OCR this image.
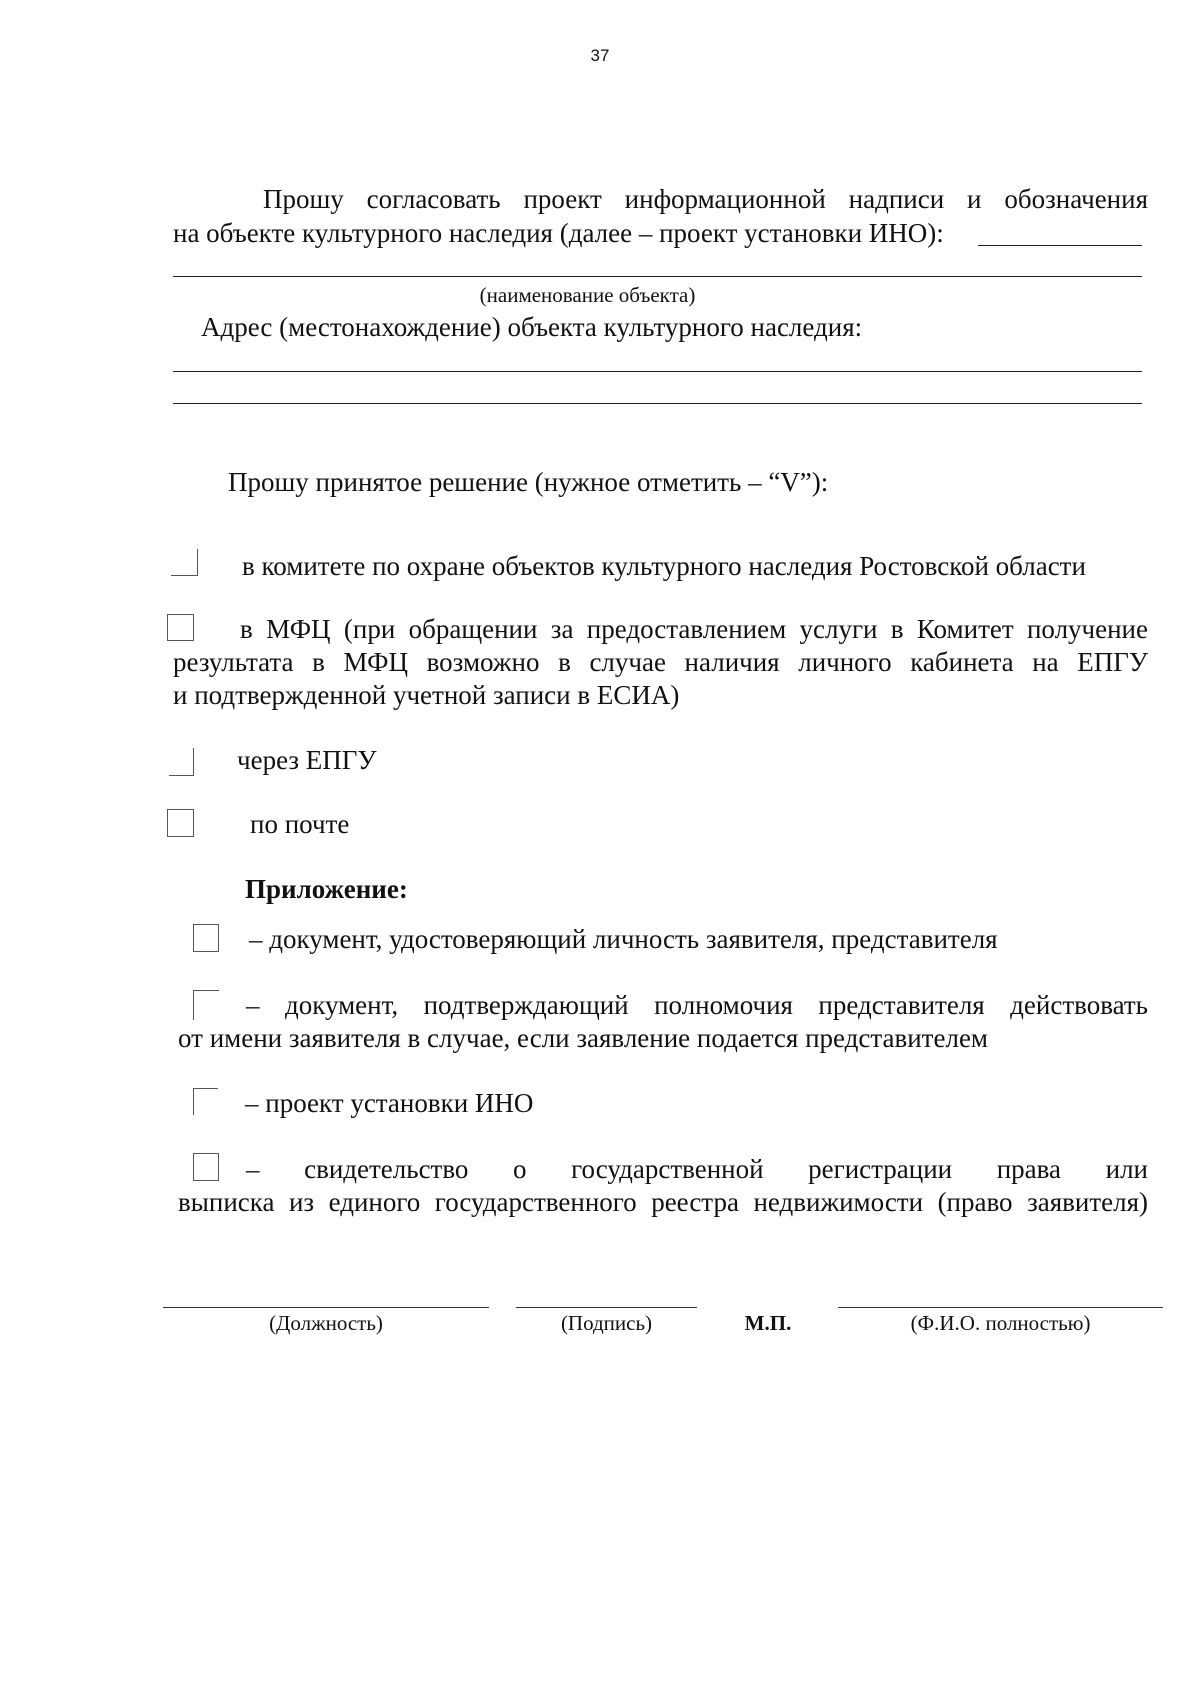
37
Прошу согласовать проект информационной надписи и обозначения
на объекте культурного наследия (далее – проект установки ИНО):
(наименование объекта)
Адрес (местонахождение) объекта культурного наследия:
Прошу принятое решение (нужное отметить – “V”):
в комитете по охране объектов культурного наследия Ростовской области
в МФЦ (при обращении за предоставлением услуги в Комитет получение
результата в МФЦ возможно в случае наличия личного кабинета на ЕПГУ
и подтвержденной учетной записи в ЕСИА)
через ЕПГУ
по почте
Приложение:
– документ, удостоверяющий личность заявителя, представителя
– документ, подтверждающий полномочия представителя действовать
от имени заявителя в случае, если заявление подается представителем
– проект установки ИНО
– свидетельство о государственной регистрации права или
выписка из единого государственного реестра недвижимости (право заявителя)
(Должность)	(Подпись)	М.П.	(Ф.И.О. полностью)
